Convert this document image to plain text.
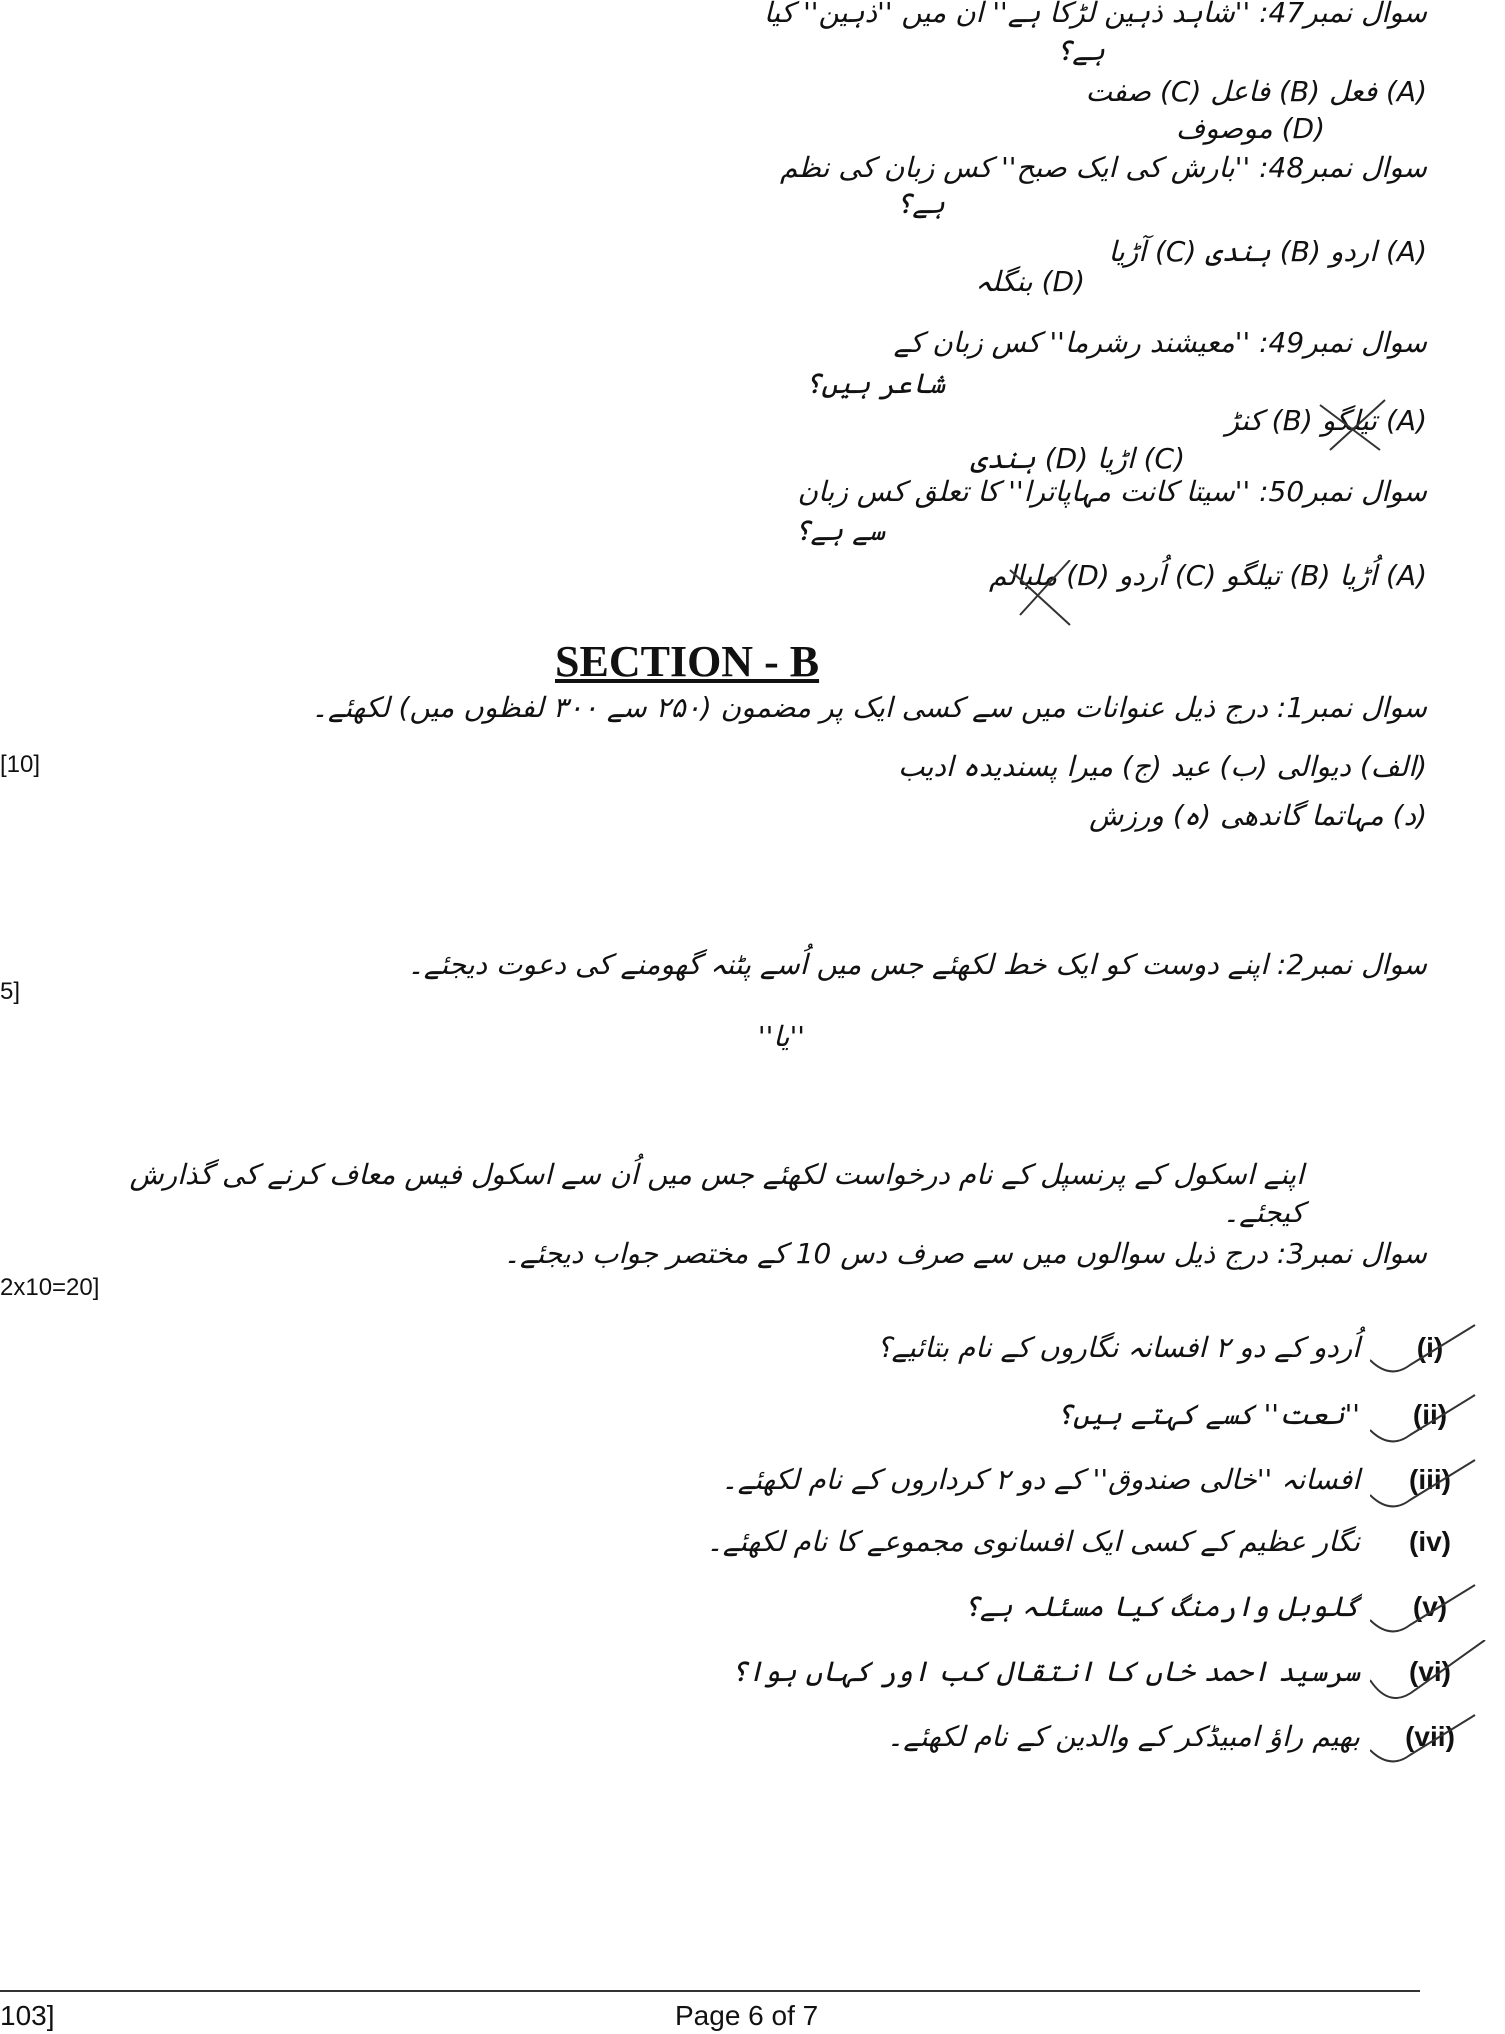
سوال نمبر47: ''شاہد ذہین لڑکا ہے'' ان میں ''ذہین'' کیا
ہے؟
(A) فعل (B) فاعل (C) صفت
(D) موصوف
سوال نمبر48: ''بارش کی ایک صبح'' کس زبان کی نظم
ہے؟
(A) اردو (B) ہندی (C) آڑیا
(D) بنگلہ
سوال نمبر49: ''معیشند رشرما'' کس زبان کے
شاعر ہیں؟
(A) تیلگو (B) کنڑ
(C) اڑیا (D) ہندی
سوال نمبر50: ''سیتا کانت مہاپاترا'' کا تعلق کس زبان
سے ہے؟
(A) اُڑیا (B) تیلگو (C) اُردو (D) ملیالم
SECTION - B
[10]
سوال نمبر1: درج ذیل عنوانات میں سے کسی ایک پر مضمون (۲۵۰ سے ۳۰۰ لفظوں میں) لکھئے۔
(الف) دیوالی (ب) عید (ج) میرا پسندیدہ ادیب
(د) مہاتما گاندھی (ہ) ورزش
5]
سوال نمبر2: اپنے دوست کو ایک خط لکھئے جس میں اُسے پٹنہ گھومنے کی دعوت دیجئے۔
''یا''
اپنے اسکول کے پرنسپل کے نام درخواست لکھئے جس میں اُن سے اسکول فیس معاف کرنے کی گذارش کیجئے۔
2x10=20]
سوال نمبر3: درج ذیل سوالوں میں سے صرف دس 10 کے مختصر جواب دیجئے۔
(i)اُردو کے دو ۲ افسانہ نگاروں کے نام بتائیے؟
(ii)''نعت'' کسے کہتے ہیں؟
(iii)افسانہ ''خالی صندوق'' کے دو ۲ کرداروں کے نام لکھئے۔
(iv)نگار عظیم کے کسی ایک افسانوی مجموعے کا نام لکھئے۔
(v)گلوبل وارمنگ کیا مسئلہ ہے؟
(vi)سرسید احمد خاں کا انتقال کب اور کہاں ہوا؟
(vii)بھیم راؤ امبیڈکر کے والدین کے نام لکھئے۔
103]	Page 6 of 7
